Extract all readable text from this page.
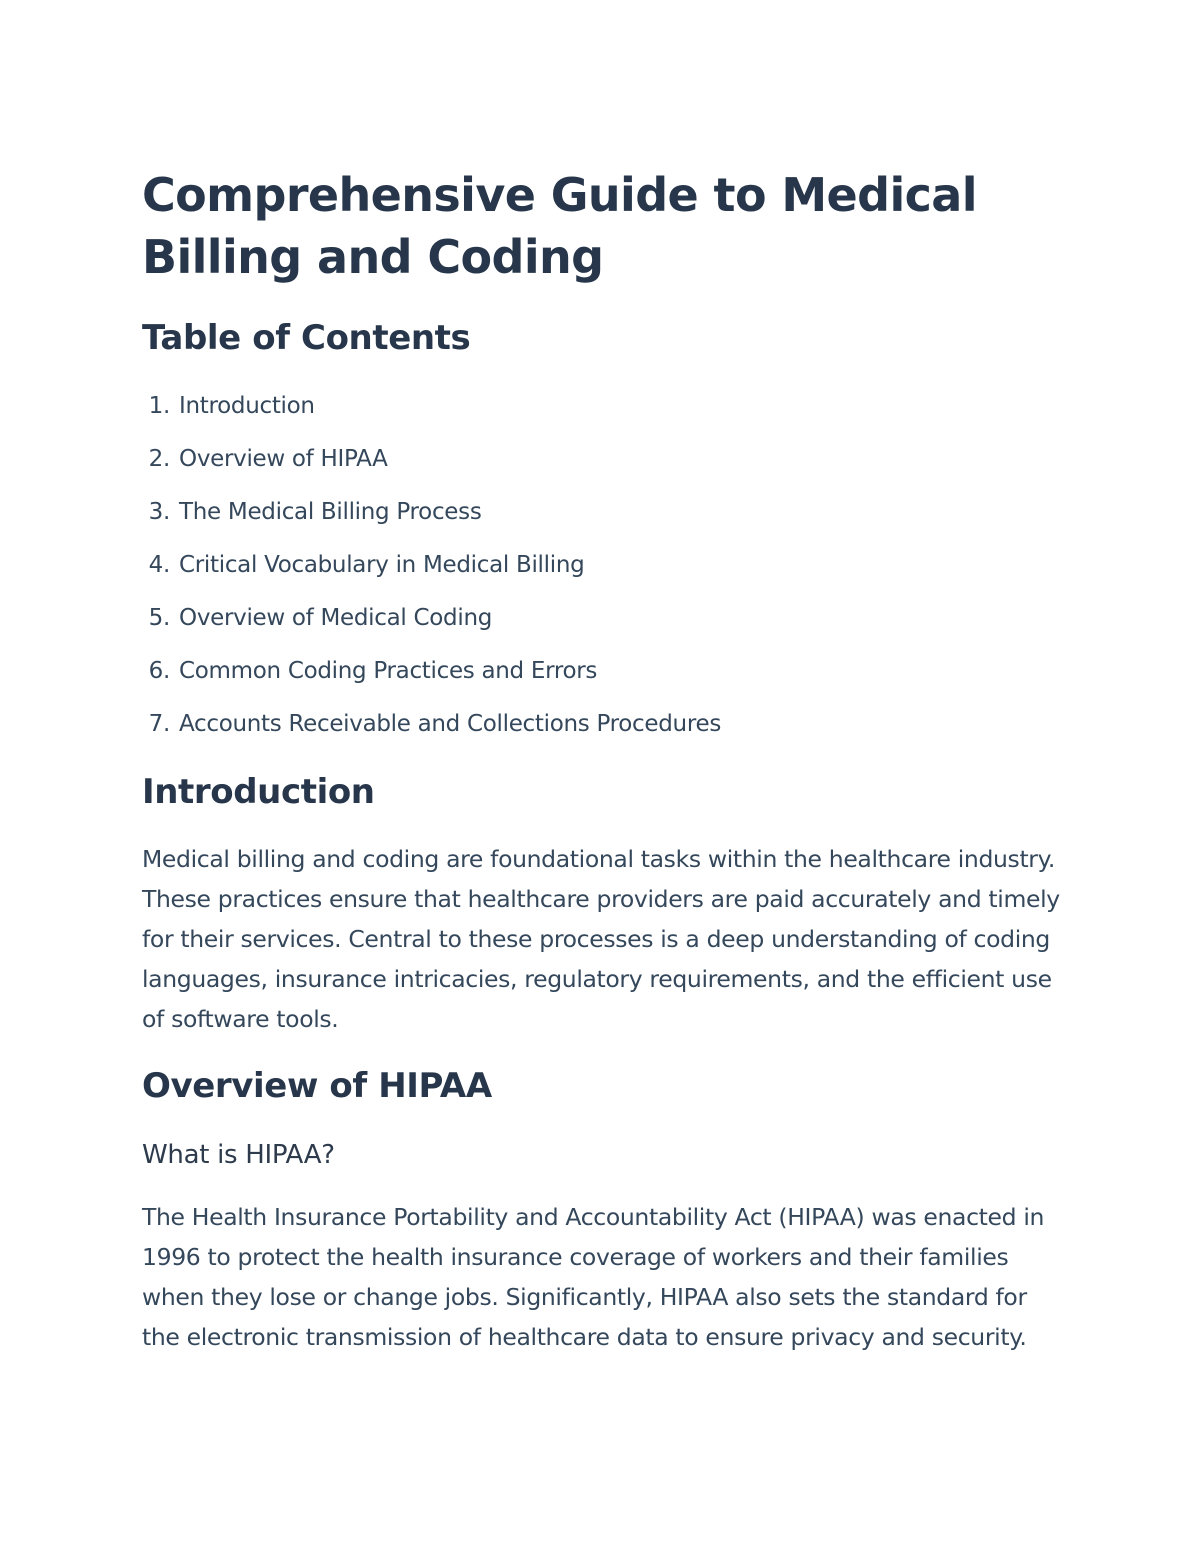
Comprehensive Guide to Medical Billing and Coding
Table of Contents
1. Introduction
2. Overview of HIPAA
3. The Medical Billing Process
4. Critical Vocabulary in Medical Billing
5. Overview of Medical Coding
6. Common Coding Practices and Errors
7. Accounts Receivable and Collections Procedures
Introduction

Medical billing and coding are foundational tasks within the healthcare industry. These practices ensure that healthcare providers are paid accurately and timely for their services. Central to these processes is a deep understanding of coding languages, insurance intricacies, regulatory requirements, and the efficient use of software tools.

Overview of HIPAA
What is HIPAA?

The Health Insurance Portability and Accountability Act (HIPAA) was enacted in 1996 to protect the health insurance coverage of workers and their families when they lose or change jobs. Significantly, HIPAA also sets the standard for the electronic transmission of healthcare data to ensure privacy and security.
